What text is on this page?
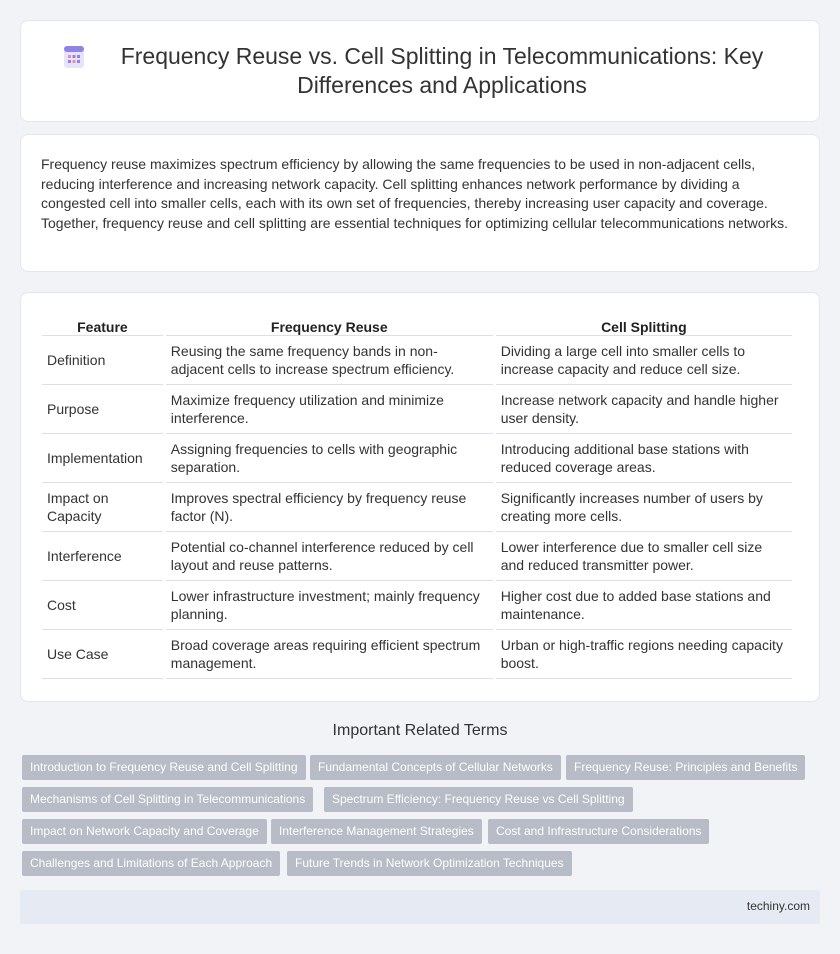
Frequency Reuse vs. Cell Splitting in Telecommunications: Key Differences and Applications

Frequency reuse maximizes spectrum efficiency by allowing the same frequencies to be used in non-adjacent cells, reducing interference and increasing network capacity. Cell splitting enhances network performance by dividing a congested cell into smaller cells, each with its own set of frequencies, thereby increasing user capacity and coverage. Together, frequency reuse and cell splitting are essential techniques for optimizing cellular telecommunications networks.

Feature	Frequency Reuse	Cell Splitting
Definition	Reusing the same frequency bands in non-adjacent cells to increase spectrum efficiency.	Dividing a large cell into smaller cells to increase capacity and reduce cell size.
Purpose	Maximize frequency utilization and minimize interference.	Increase network capacity and handle higher user density.
Implementation	Assigning frequencies to cells with geographic separation.	Introducing additional base stations with reduced coverage areas.
Impact on Capacity	Improves spectral efficiency by frequency reuse factor (N).	Significantly increases number of users by creating more cells.
Interference	Potential co-channel interference reduced by cell layout and reuse patterns.	Lower interference due to smaller cell size and reduced transmitter power.
Cost	Lower infrastructure investment; mainly frequency planning.	Higher cost due to added base stations and maintenance.
Use Case	Broad coverage areas requiring efficient spectrum management.	Urban or high-traffic regions needing capacity boost.
Important Related Terms
Introduction to Frequency Reuse and Cell Splitting	Fundamental Concepts of Cellular Networks	Frequency Reuse: Principles and Benefits
Mechanisms of Cell Splitting in Telecommunications	Spectrum Efficiency: Frequency Reuse vs Cell Splitting
Impact on Network Capacity and Coverage	Interference Management Strategies	Cost and Infrastructure Considerations
Challenges and Limitations of Each Approach	Future Trends in Network Optimization Techniques
techiny.com
